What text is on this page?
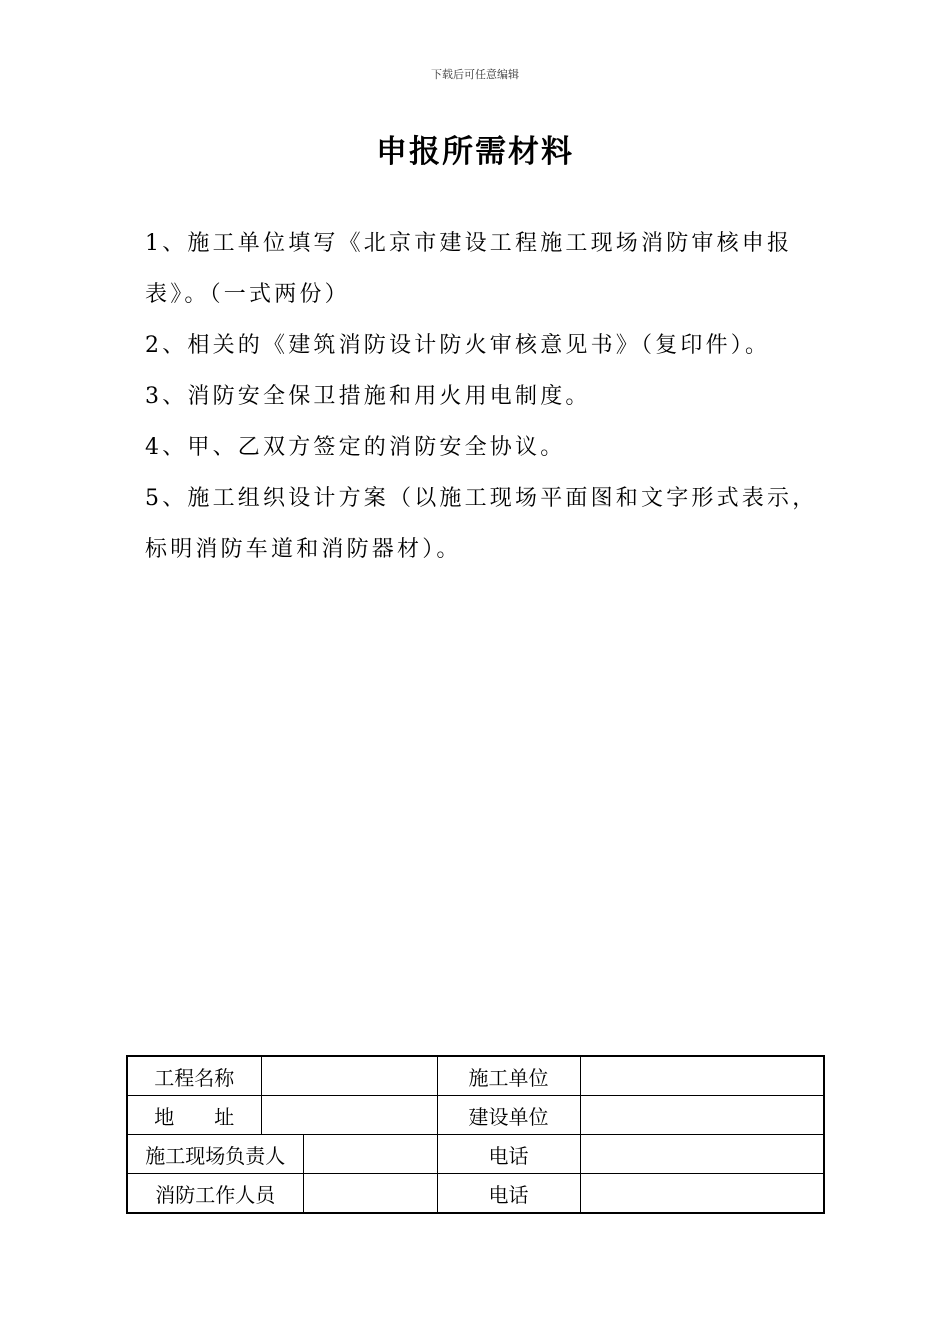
下载后可任意编辑
申报所需材料

1、施工单位填写《北京市建设工程施工现场消防审核申报表》。（一式两份）

2、相关的《建筑消防设计防火审核意见书》（复印件）。

3、消防安全保卫措施和用火用电制度。

4、甲、乙双方签定的消防安全协议。

5、施工组织设计方案（以施工现场平面图和文字形式表示，标明消防车道和消防器材）。

工程名称			施工单位	
地　　址			建设单位	
施工现场负责人			电话	
消防工作人员			电话	
